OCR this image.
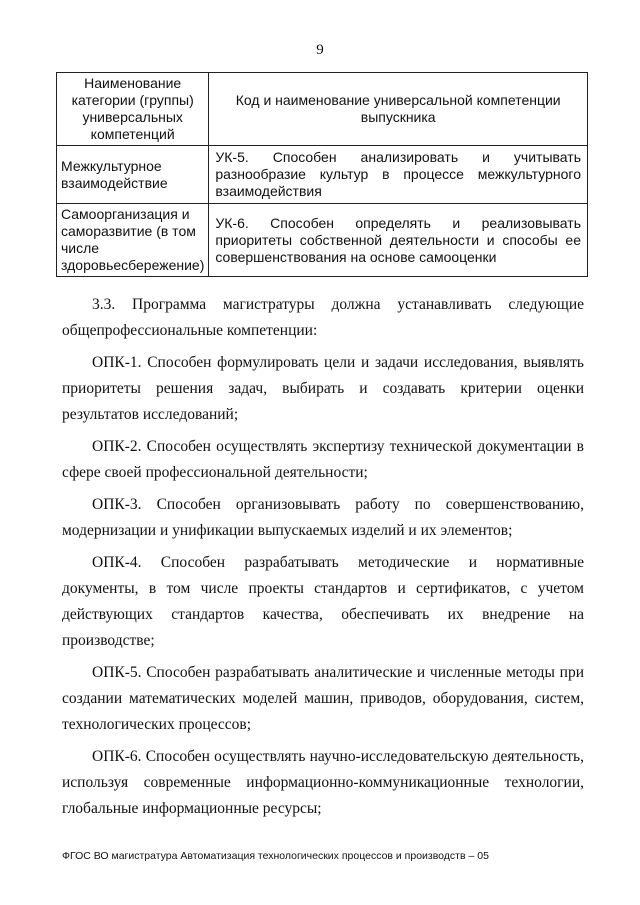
9
Наименование категории (группы) универсальных компетенций	Код и наименование универсальной компетенции выпускника
Межкультурное взаимодействие	УК-5. Способен анализировать и учитывать разнообразие культур в процессе межкультурного взаимодействия
Самоорганизация и саморазвитие (в том числе здоровьесбережение)	УК-6. Способен определять и реализовывать приоритеты собственной деятельности и способы ее совершенствования на основе самооценки

3.3. Программа магистратуры должна устанавливать следующие общепрофессиональные компетенции:

ОПК-1. Способен формулировать цели и задачи исследования, выявлять приоритеты решения задач, выбирать и создавать критерии оценки результатов исследований;

ОПК-2. Способен осуществлять экспертизу технической документации в сфере своей профессиональной деятельности;

ОПК-3. Способен организовывать работу по совершенствованию, модернизации и унификации выпускаемых изделий и их элементов;

ОПК-4. Способен разрабатывать методические и нормативные документы, в том числе проекты стандартов и сертификатов, с учетом действующих стандартов качества, обеспечивать их внедрение на производстве;

ОПК-5. Способен разрабатывать аналитические и численные методы при создании математических моделей машин, приводов, оборудования, систем, технологических процессов;

ОПК-6. Способен осуществлять научно-исследовательскую деятельность, используя современные информационно-коммуникационные технологии, глобальные информационные ресурсы;

ФГОС ВО магистратура Автоматизация технологических процессов и производств – 05
